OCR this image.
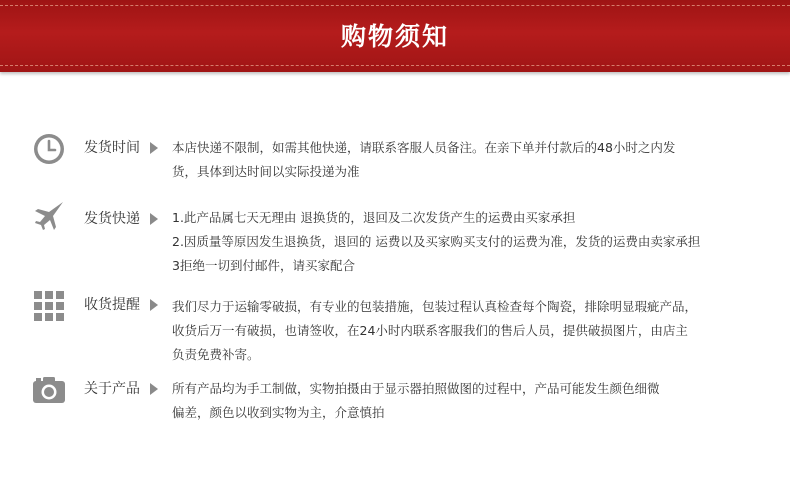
购物须知
发货时间	本店快递不限制，如需其他快递，请联系客服人员备注。在亲下单并付款后的48小时之内发

货，具体到达时间以实际投递为准

发货快递	1.此产品属七天无理由 退换货的，退回及二次发货产生的运费由买家承担

2.因质量等原因发生退换货，退回的 运费以及买家购买支付的运费为准，发货的运费由卖家承担

3拒绝一切到付邮件，请买家配合

收货提醒	我们尽力于运输零破损，有专业的包装措施，包装过程认真检查每个陶瓷，排除明显瑕疵产品，

收货后万一有破损，也请签收，在24小时内联系客服我们的售后人员，提供破损图片，由店主

负责免费补寄。

关于产品	所有产品均为手工制做，实物拍摄由于显示器拍照做图的过程中，产品可能发生颜色细微

偏差，颜色以收到实物为主，介意慎拍
